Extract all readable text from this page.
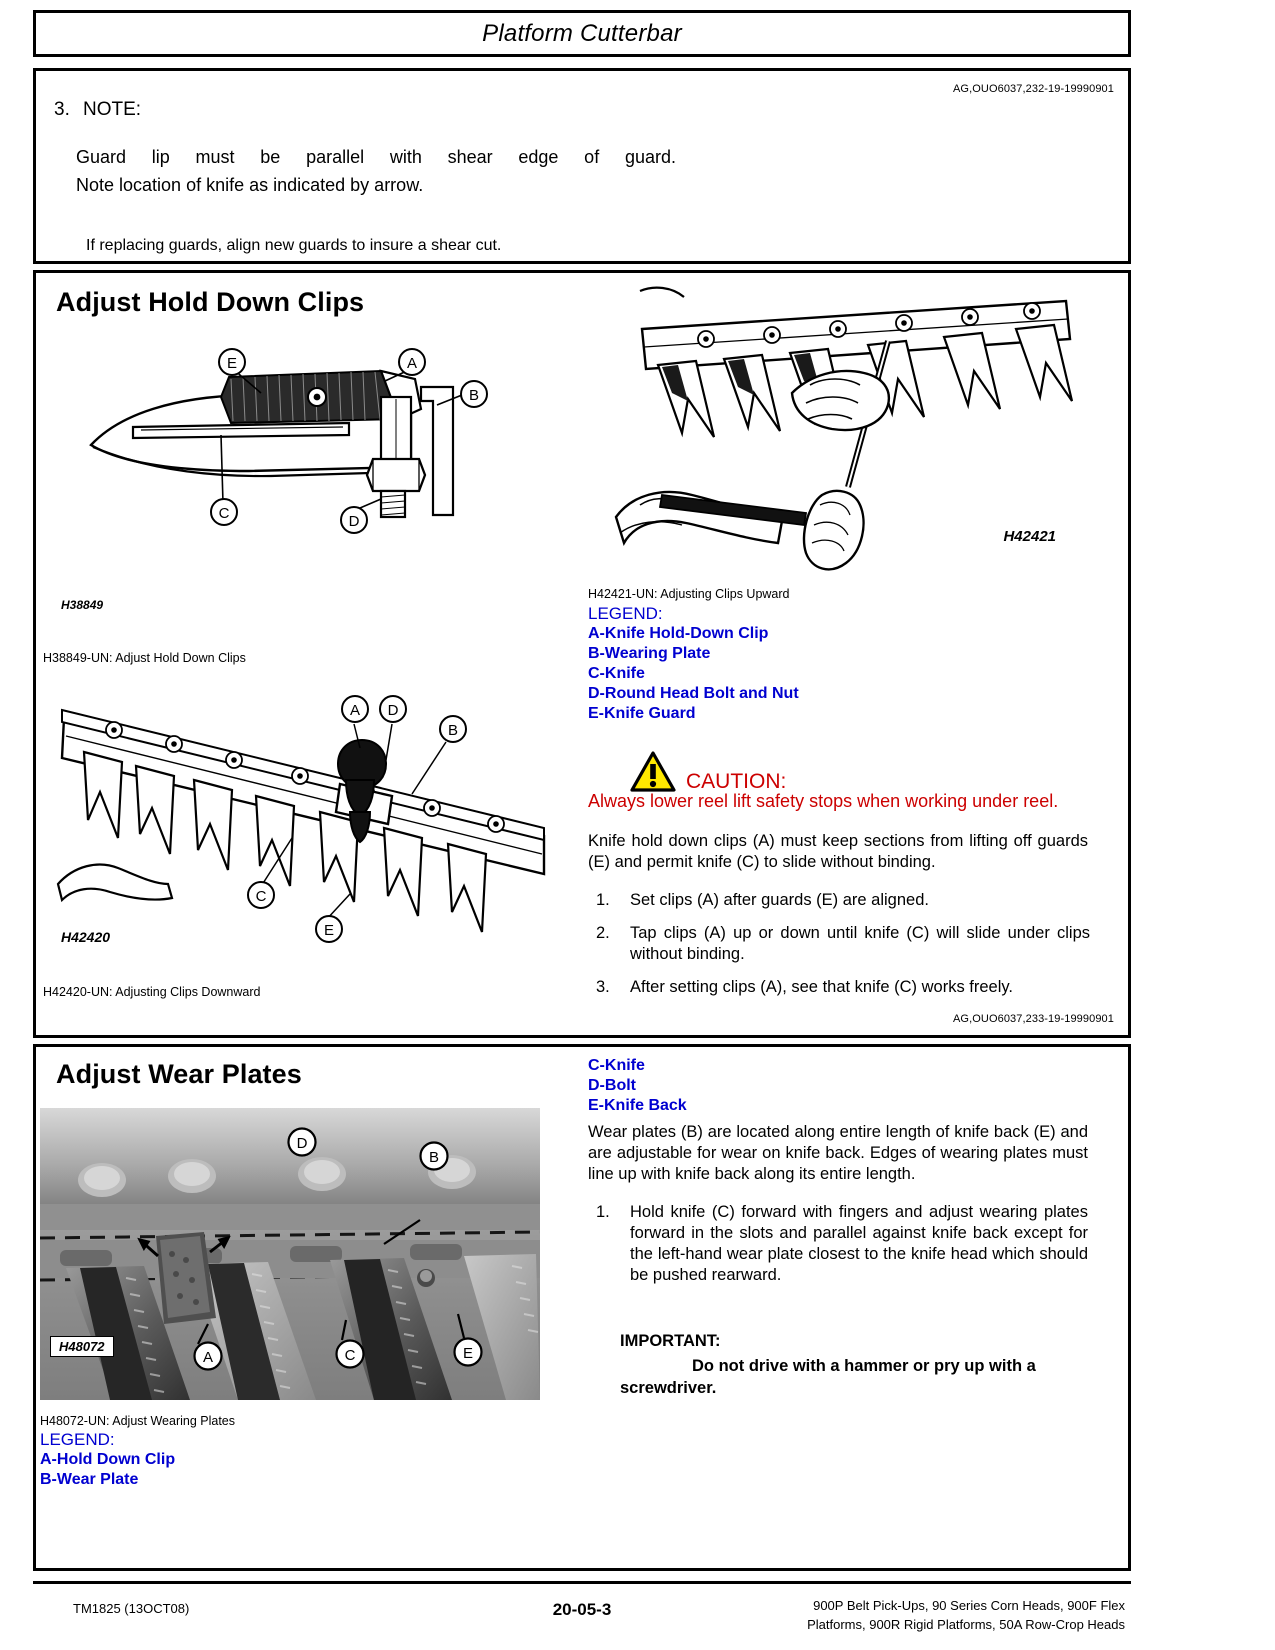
Platform Cutterbar
AG,OUO6037,232-19-19990901
3. NOTE:
Guard lip must be parallel with shear edge of guard.
Note location of knife as indicated by arrow.
If replacing guards, align new guards to insure a shear cut.
Adjust Hold Down Clips
E	A
B
C	D
H38849
H38849-UN: Adjust Hold Down Clips
A D
B
C
E
H42420
H42420-UN: Adjusting Clips Downward
H42421
H42421-UN: Adjusting Clips Upward
LEGEND:
A-Knife Hold-Down Clip
B-Wearing Plate
C-Knife
D-Round Head Bolt and Nut
E-Knife Guard
CAUTION:
Always lower reel lift safety stops when working under reel.
Knife hold down clips (A) must keep sections from lifting off guards (E) and permit knife (C) to slide without binding.
1. Set clips (A) after guards (E) are aligned.
2. Tap clips (A) up or down until knife (C) will slide under clips without binding.
3. After setting clips (A), see that knife (C) works freely.
AG,OUO6037,233-19-19990901
Adjust Wear Plates	C-Knife
D-Bolt
E-Knife Back
Wear plates (B) are located along entire length of knife back (E) and are adjustable for wear on knife back. Edges of wearing plates must line up with knife back along its entire length.
1. Hold knife (C) forward with fingers and adjust wearing plates forward in the slots and parallel against knife back except for the left-hand wear plate closest to the knife head which should be pushed rearward.
IMPORTANT:
Do not drive with a hammer or pry up with a screwdriver.
D
B
A	C	E
H48072
H48072-UN: Adjust Wearing Plates
LEGEND:
A-Hold Down Clip
B-Wear Plate
TM1825 (13OCT08)	20-05-3	900P Belt Pick-Ups, 90 Series Corn Heads, 900F Flex
Platforms, 900R Rigid Platforms, 50A Row-Crop Heads
